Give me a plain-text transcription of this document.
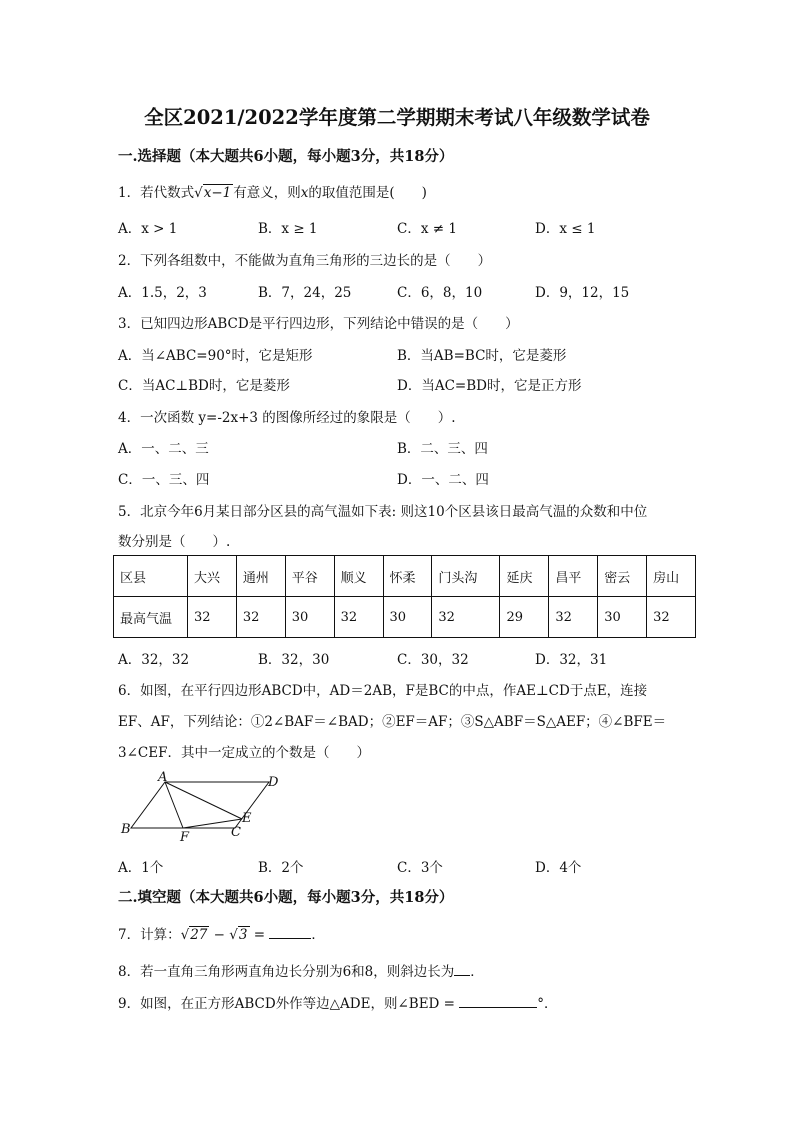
全区2021/2022学年度第二学期期末考试八年级数学试卷
一.选择题（本大题共6小题，每小题3分，共18分）
1．若代数式√x−1 有意义，则x的取值范围是(　　)
A．x > 1	B．x ≥ 1	C．x ≠ 1	D．x ≤ 1
2．下列各组数中，不能做为直角三角形的三边长的是（　　）
A．1.5，2，3	B．7，24，25	C．6，8，10	D．9，12，15
3．已知四边形ABCD是平行四边形，下列结论中错误的是（　　）
A．当∠ABC=90°时，它是矩形	B．当AB=BC时，它是菱形
C．当AC⊥BD时，它是菱形	D．当AC=BD时，它是正方形
4．一次函数 y=-2x+3 的图像所经过的象限是（　　）.
A．一、二、三	B．二、三、四
C．一、三、四	D．一、二、四
5．北京今年6月某日部分区县的高气温如下表: 则这10个区县该日最高气温的众数和中位
数分别是（　　）.
区县	大兴	通州	平谷	顺义	怀柔	门头沟	延庆	昌平	密云	房山
最高气温	32	32	30	32	30	32	29	32	30	32
A．32，32	B．32，30	C．30，32	D．32，31
6．如图，在平行四边形ABCD中，AD＝2AB，F是BC的中点，作AE⊥CD于点E，连接
EF、AF，下列结论：①2∠BAF＝∠BAD；②EF＝AF；③S△ABF＝S△AEF；④∠BFE＝
3∠CEF．其中一定成立的个数是（　　）
A	D
B
F	C
E
A．1个	B．2个	C．3个	D．4个
二.填空题（本大题共6小题，每小题3分，共18分）
7．计算：√27 − √3 =	．
8．若一直角三角形两直角边长分别为6和8，则斜边长为 ．
9．如图，在正方形ABCD外作等边△ADE，则∠BED =	°．
